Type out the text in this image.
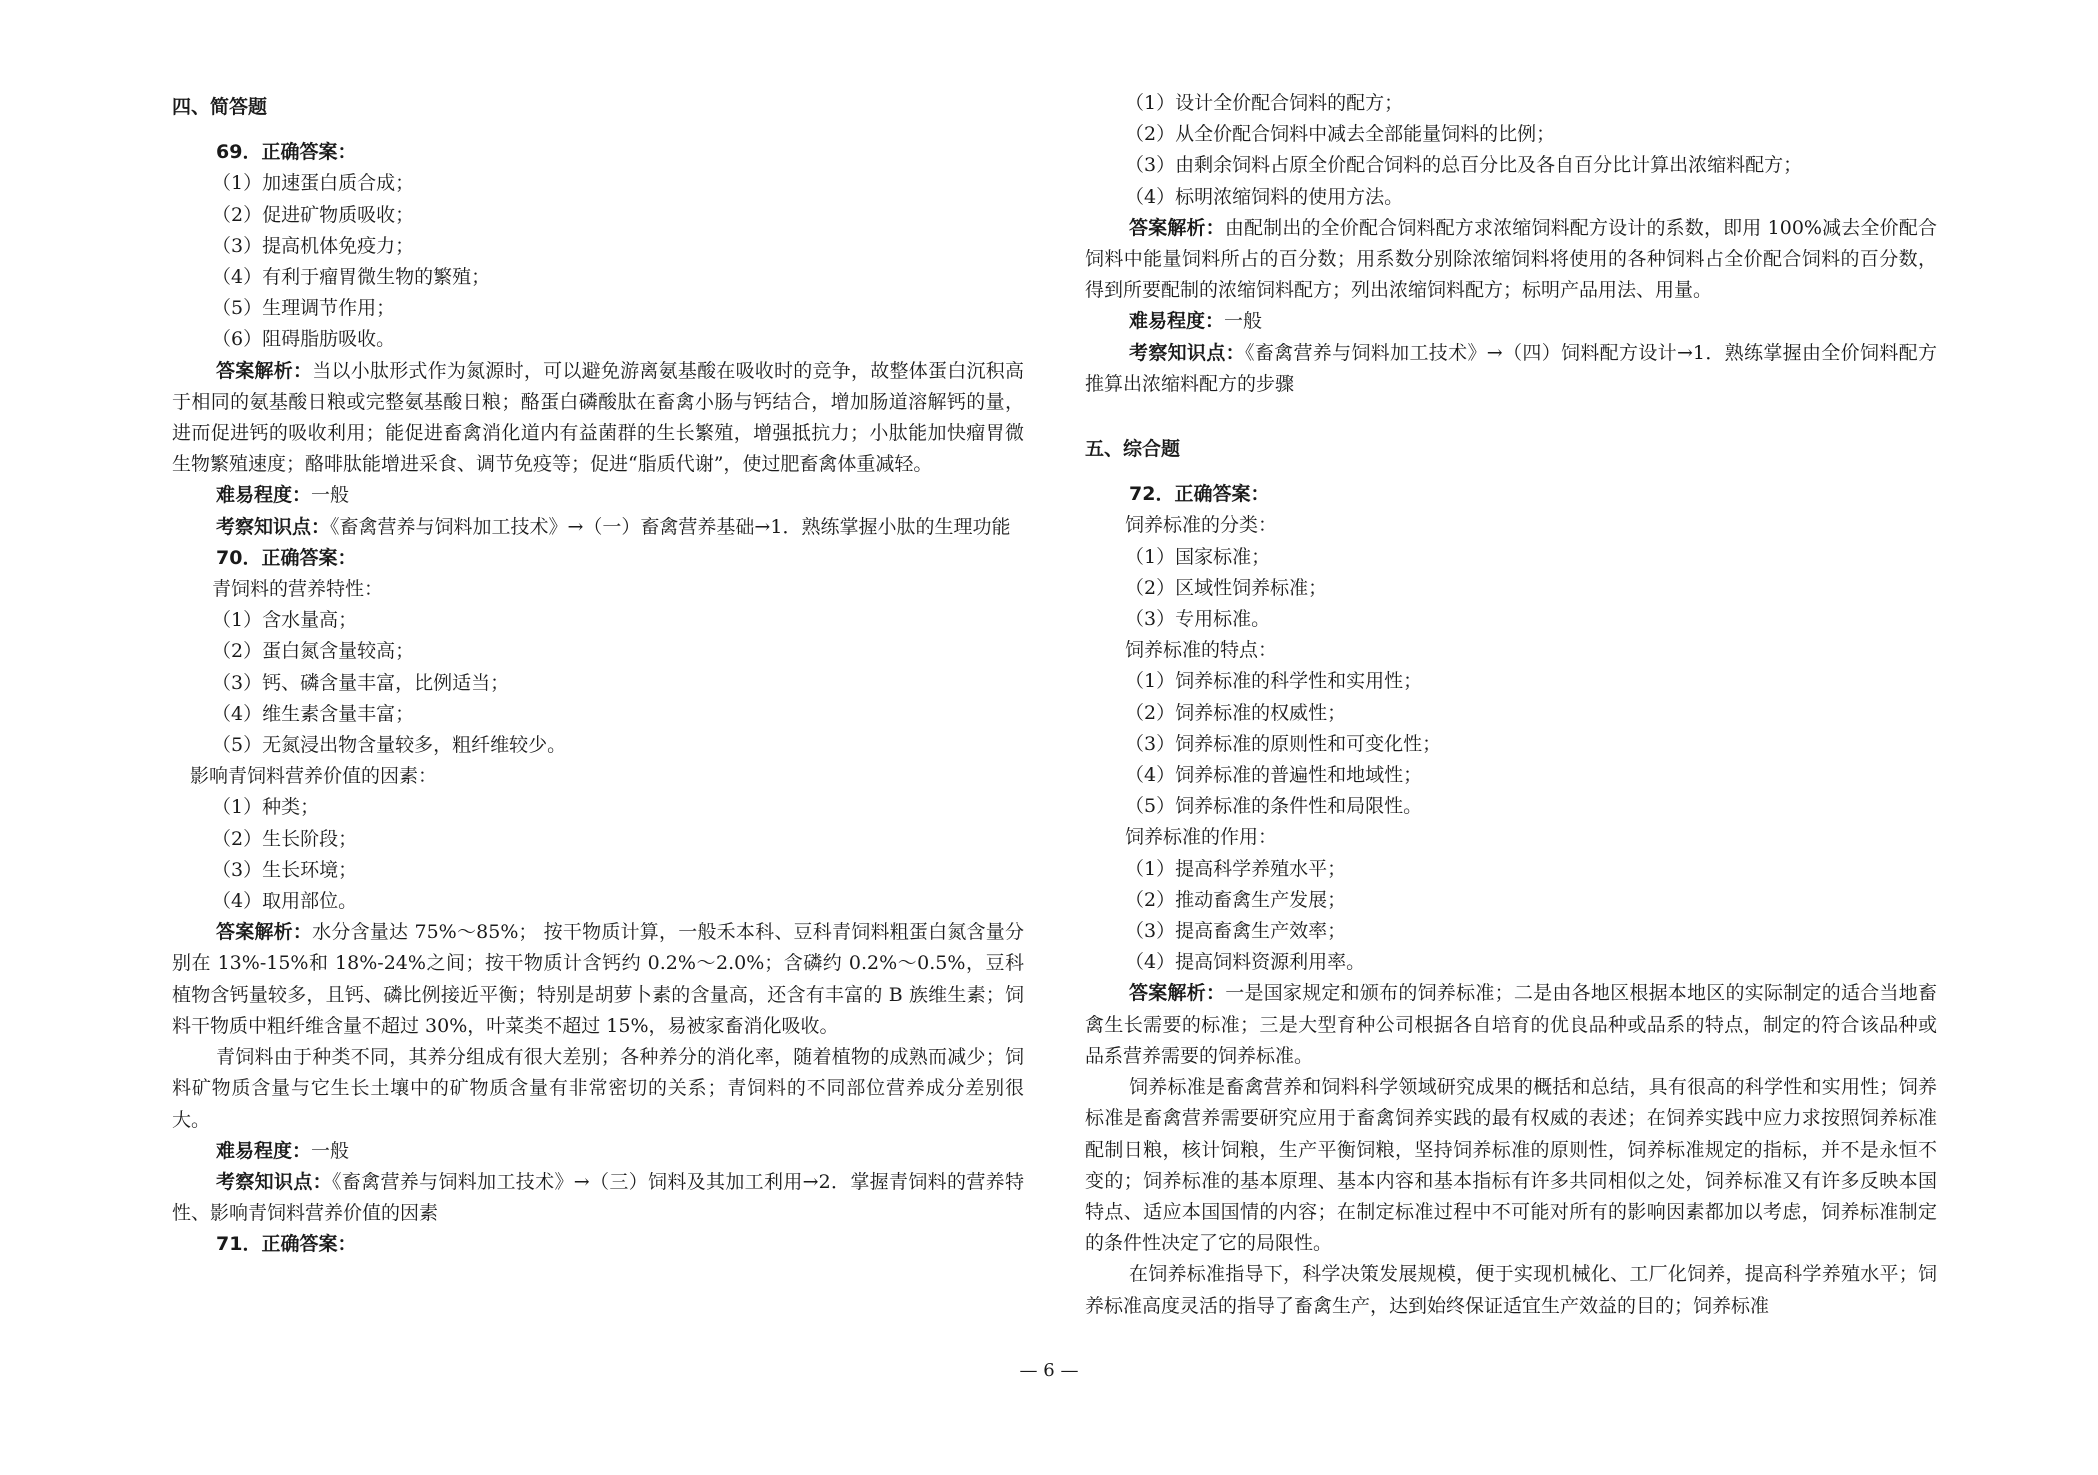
四、简答题
69．正确答案：
（1）加速蛋白质合成；
（2）促进矿物质吸收；
（3）提高机体免疫力；
（4）有利于瘤胃微生物的繁殖；
（5）生理调节作用；
（6）阻碍脂肪吸收。
答案解析：当以小肽形式作为氮源时，可以避免游离氨基酸在吸收时的竞争，故整体蛋白沉积高于相同的氨基酸日粮或完整氨基酸日粮；酪蛋白磷酸肽在畜禽小肠与钙结合，增加肠道溶解钙的量，进而促进钙的吸收利用；能促进畜禽消化道内有益菌群的生长繁殖，增强抵抗力；小肽能加快瘤胃微生物繁殖速度；酪啡肽能增进采食、调节免疫等；促进“脂质代谢”，使过肥畜禽体重减轻。
难易程度：一般
考察知识点：《畜禽营养与饲料加工技术》→（一）畜禽营养基础→1．熟练掌握小肽的生理功能
70．正确答案：
青饲料的营养特性：
（1）含水量高；
（2）蛋白氮含量较高；
（3）钙、磷含量丰富，比例适当；
（4）维生素含量丰富；
（5）无氮浸出物含量较多，粗纤维较少。
影响青饲料营养价值的因素：
（1）种类；
（2）生长阶段；
（3）生长环境；
（4）取用部位。
答案解析：水分含量达 75%～85%； 按干物质计算，一般禾本科、豆科青饲料粗蛋白氮含量分别在 13%-15%和 18%-24%之间；按干物质计含钙约 0.2%～2.0%；含磷约 0.2%～0.5%，豆科植物含钙量较多，且钙、磷比例接近平衡；特别是胡萝卜素的含量高，还含有丰富的 B 族维生素；饲料干物质中粗纤维含量不超过 30%，叶菜类不超过 15%，易被家畜消化吸收。
青饲料由于种类不同，其养分组成有很大差别；各种养分的消化率，随着植物的成熟而减少；饲料矿物质含量与它生长土壤中的矿物质含量有非常密切的关系；青饲料的不同部位营养成分差别很大。
难易程度：一般
考察知识点：《畜禽营养与饲料加工技术》→（三）饲料及其加工利用→2．掌握青饲料的营养特性、影响青饲料营养价值的因素
71．正确答案：
（1）设计全价配合饲料的配方；
（2）从全价配合饲料中减去全部能量饲料的比例；
（3）由剩余饲料占原全价配合饲料的总百分比及各自百分比计算出浓缩料配方；
（4）标明浓缩饲料的使用方法。
答案解析：由配制出的全价配合饲料配方求浓缩饲料配方设计的系数，即用 100%减去全价配合饲料中能量饲料所占的百分数；用系数分别除浓缩饲料将使用的各种饲料占全价配合饲料的百分数，得到所要配制的浓缩饲料配方；列出浓缩饲料配方；标明产品用法、用量。
难易程度：一般
考察知识点：《畜禽营养与饲料加工技术》→（四）饲料配方设计→1．熟练掌握由全价饲料配方推算出浓缩料配方的步骤
五、综合题
72．正确答案：
饲养标准的分类：
（1）国家标准；
（2）区域性饲养标准；
（3）专用标准。
饲养标准的特点：
（1）饲养标准的科学性和实用性；
（2）饲养标准的权威性；
（3）饲养标准的原则性和可变化性；
（4）饲养标准的普遍性和地域性；
（5）饲养标准的条件性和局限性。
饲养标准的作用：
（1）提高科学养殖水平；
（2）推动畜禽生产发展；
（3）提高畜禽生产效率；
（4）提高饲料资源利用率。
答案解析：一是国家规定和颁布的饲养标准；二是由各地区根据本地区的实际制定的适合当地畜禽生长需要的标准；三是大型育种公司根据各自培育的优良品种或品系的特点，制定的符合该品种或品系营养需要的饲养标准。
饲养标准是畜禽营养和饲料科学领域研究成果的概括和总结，具有很高的科学性和实用性；饲养标准是畜禽营养需要研究应用于畜禽饲养实践的最有权威的表述；在饲养实践中应力求按照饲养标准配制日粮，核计饲粮，生产平衡饲粮，坚持饲养标准的原则性，饲养标准规定的指标，并不是永恒不变的；饲养标准的基本原理、基本内容和基本指标有许多共同相似之处，饲养标准又有许多反映本国特点、适应本国国情的内容；在制定标准过程中不可能对所有的影响因素都加以考虑，饲养标准制定的条件性决定了它的局限性。
在饲养标准指导下，科学决策发展规模，便于实现机械化、工厂化饲养，提高科学养殖水平；饲养标准高度灵活的指导了畜禽生产，达到始终保证适宜生产效益的目的；饲养标准
— 6 —
